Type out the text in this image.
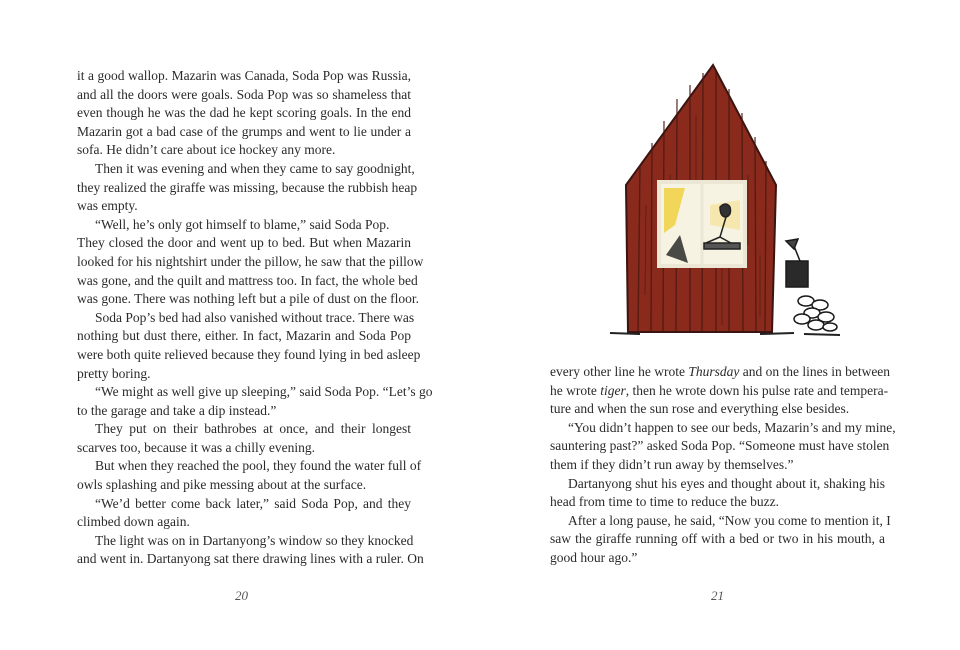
it a good wallop. Mazarin was Canada, Soda Pop was Russia,
and all the doors were goals. Soda Pop was so shameless that
even though he was the dad he kept scoring goals. In the end
Mazarin got a bad case of the grumps and went to lie under a
sofa. He didn’t care about ice hockey any more.
Then it was evening and when they came to say goodnight,
they realized the giraffe was missing, because the rubbish heap
was empty.
“Well, he’s only got himself to blame,” said Soda Pop.
They closed the door and went up to bed. But when Mazarin
looked for his nightshirt under the pillow, he saw that the pillow
was gone, and the quilt and mattress too. In fact, the whole bed
was gone. There was nothing left but a pile of dust on the floor.
Soda Pop’s bed had also vanished without trace. There was
nothing but dust there, either. In fact, Mazarin and Soda Pop
were both quite relieved because they found lying in bed asleep
pretty boring.
“We might as well give up sleeping,” said Soda Pop. “Let’s go
to the garage and take a dip instead.”
They put on their bathrobes at once, and their longest
scarves too, because it was a chilly evening.
But when they reached the pool, they found the water full of
owls splashing and pike messing about at the surface.
“We’d better come back later,” said Soda Pop, and they
climbed down again.
The light was on in Dartanyong’s window so they knocked
and went in. Dartanyong sat there drawing lines with a ruler. On
20
every other line he wrote Thursday and on the lines in between
he wrote tiger, then he wrote down his pulse rate and tempera-
ture and when the sun rose and everything else besides.
“You didn’t happen to see our beds, Mazarin’s and my mine,
sauntering past?” asked Soda Pop. “Someone must have stolen
them if they didn’t run away by themselves.”
Dartanyong shut his eyes and thought about it, shaking his
head from time to time to reduce the buzz.
After a long pause, he said, “Now you come to mention it, I
saw the giraffe running off with a bed or two in his mouth, a
good hour ago.”
21
